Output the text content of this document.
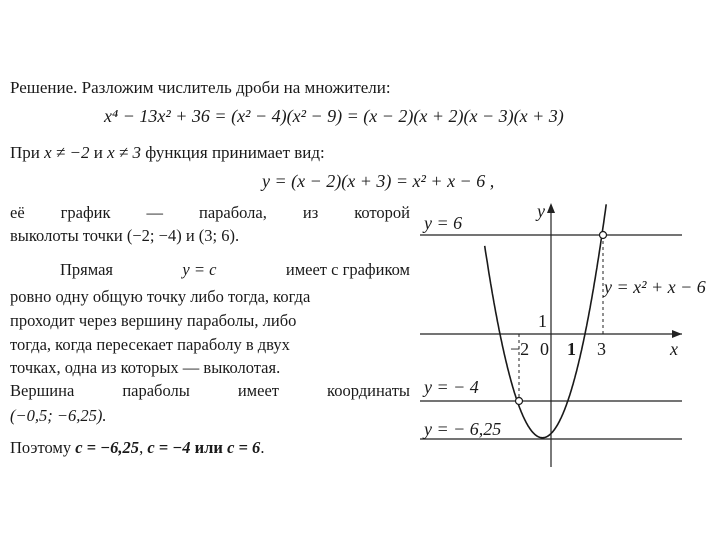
Решение. Разложим числитель дроби на множители:
x⁴ − 13x² + 36 = (x² − 4)(x² − 9) = (x − 2)(x + 2)(x − 3)(x + 3)
При x ≠ −2 и x ≠ 3 функция принимает вид:
y = (x − 2)(x + 3) = x² + x − 6 ,
её график — парабола, из которой
выколоты точки (−2; −4) и (3; 6).
Прямая	y = c	имеет с графиком
ровно одну общую точку либо тогда, когда
проходит через вершину параболы, либо
тогда, когда пересекает параболу в двух
точках, одна из которых — выколотая.
Вершина параболы имеет координаты
(−0,5; −6,25).
Поэтому c = −6,25, c = −4 или c = 6.
y = 6
y = − 4
y = − 6,25
y = x² + x − 6
y
x
1
−2 0 1 3
